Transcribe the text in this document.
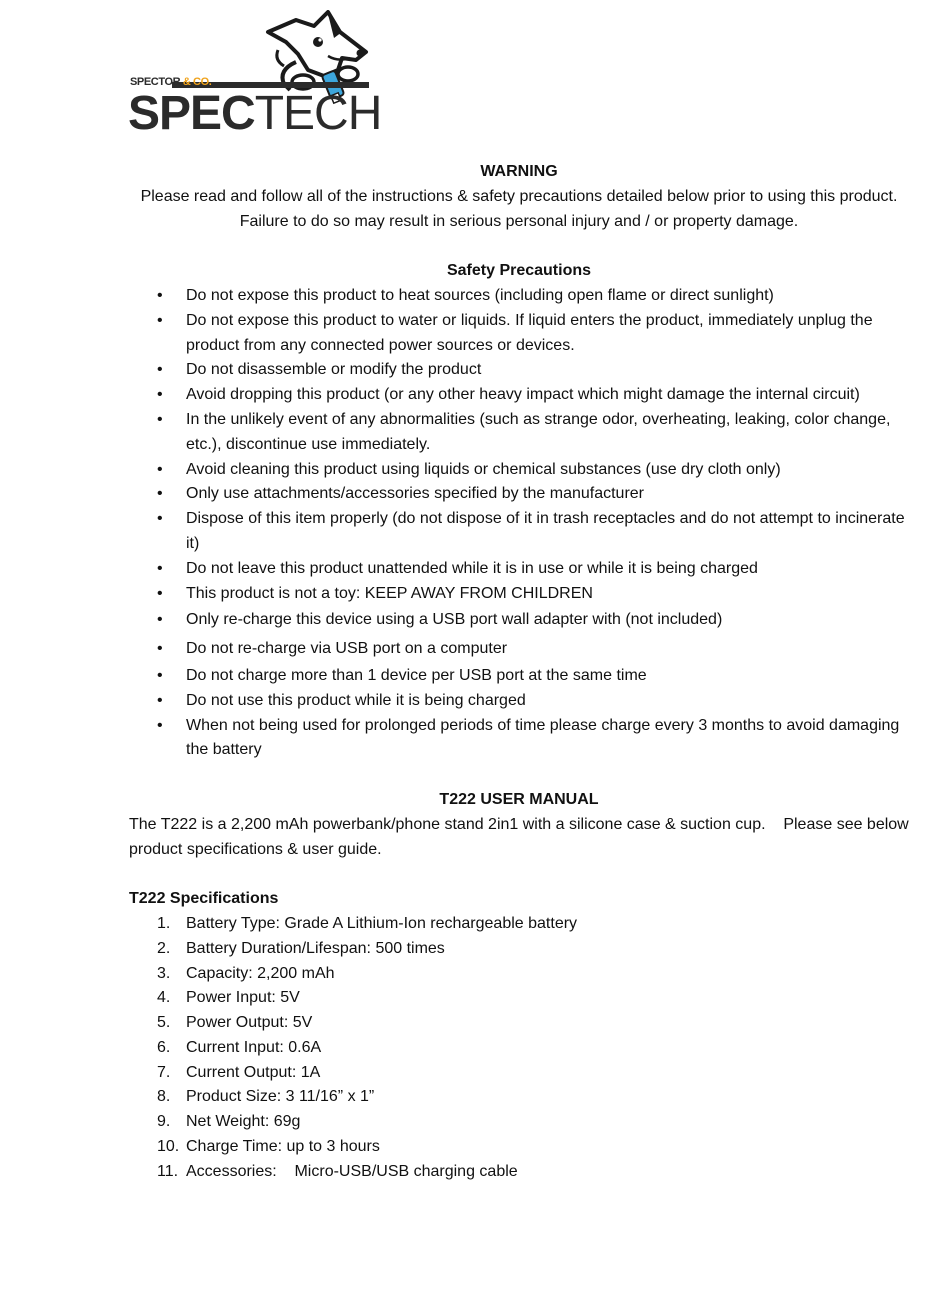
SPECTOR & CO.
SPECTECH
WARNING
Please read and follow all of the instructions & safety precautions detailed below prior to using this product.
Failure to do so may result in serious personal injury and / or property damage.
Safety Precautions
• Do not expose this product to heat sources (including open flame or direct sunlight)
• Do not expose this product to water or liquids. If liquid enters the product, immediately unplug the product from any connected power sources or devices.
• Do not disassemble or modify the product
• Avoid dropping this product (or any other heavy impact which might damage the internal circuit)
• In the unlikely event of any abnormalities (such as strange odor, overheating, leaking, color change, etc.), discontinue use immediately.
• Avoid cleaning this product using liquids or chemical substances (use dry cloth only)
• Only use attachments/accessories specified by the manufacturer
• Dispose of this item properly (do not dispose of it in trash receptacles and do not attempt to incinerate it)
• Do not leave this product unattended while it is in use or while it is being charged
• This product is not a toy: KEEP AWAY FROM CHILDREN
• Only re-charge this device using a USB port wall adapter with (not included)
• Do not re-charge via USB port on a computer
• Do not charge more than 1 device per USB port at the same time
• Do not use this product while it is being charged
• When not being used for prolonged periods of time please charge every 3 months to avoid damaging the battery
T222 USER MANUAL
The T222 is a 2,200 mAh powerbank/phone stand 2in1 with a silicone case & suction cup.    Please see below product specifications & user guide.
T222 Specifications
1. Battery Type: Grade A Lithium-Ion rechargeable battery
2. Battery Duration/Lifespan: 500 times
3. Capacity: 2,200 mAh
4. Power Input: 5V
5. Power Output: 5V
6. Current Input: 0.6A
7. Current Output: 1A
8. Product Size: 3 11/16” x 1”
9. Net Weight: 69g
10. Charge Time: up to 3 hours
11. Accessories:    Micro-USB/USB charging cable
